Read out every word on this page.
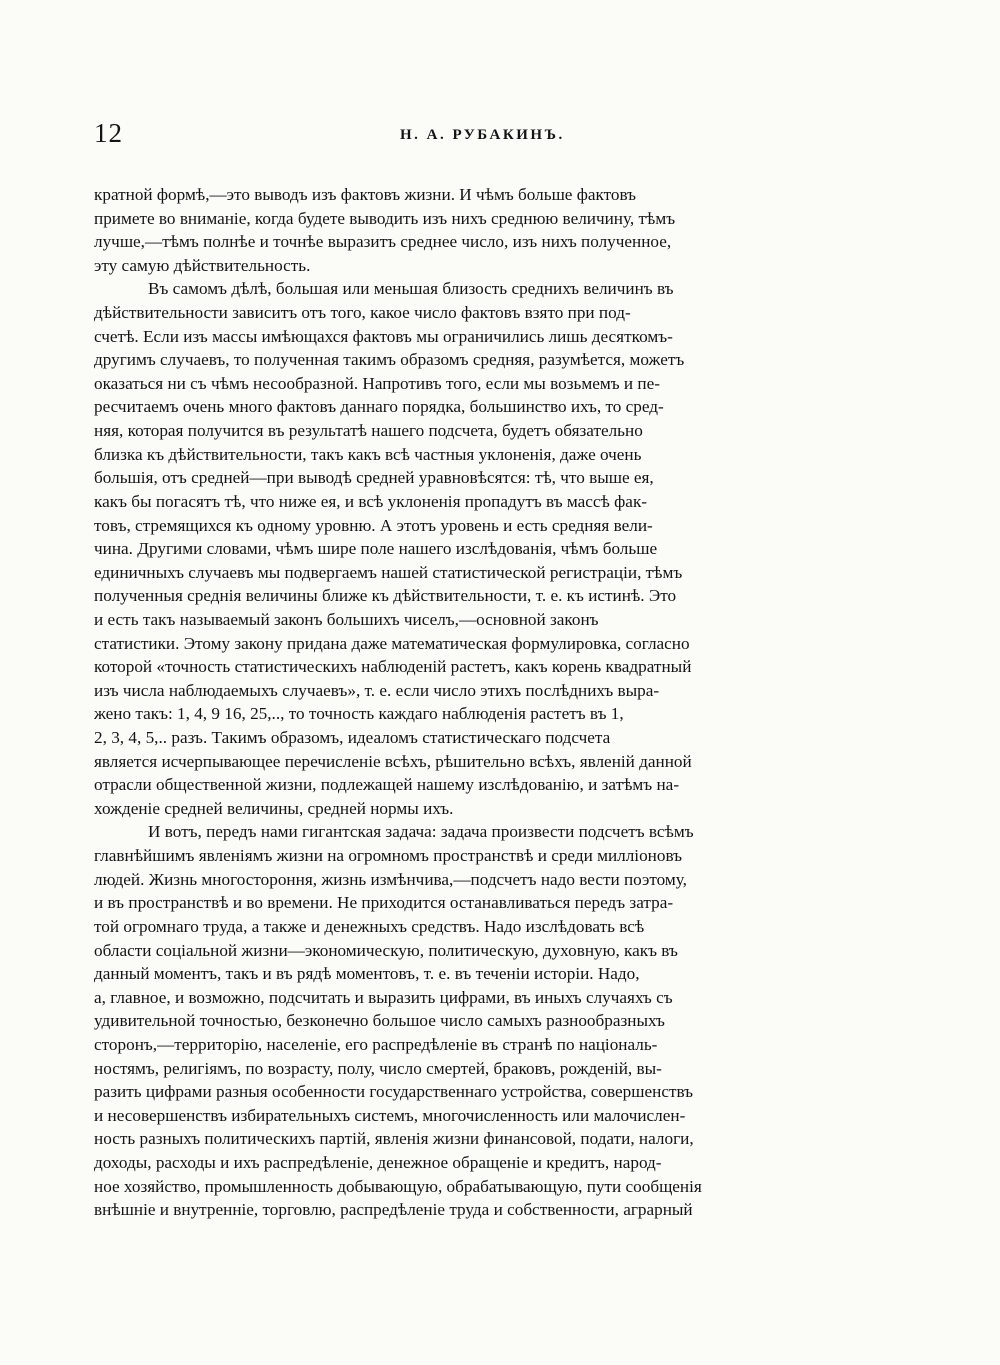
12	Н. А. РУБАКИНЪ.
кратной формѣ,—это выводъ изъ фактовъ жизни. И чѣмъ больше фактовъ
примете во вниманіе, когда будете выводить изъ нихъ среднюю величину, тѣмъ
лучше,—тѣмъ полнѣе и точнѣе выразитъ среднее число, изъ нихъ полученное,
эту самую дѣйствительность.
Въ самомъ дѣлѣ, большая или меньшая близость среднихъ величинъ въ
дѣйствительности зависитъ отъ того, какое число фактовъ взято при под-
счетѣ. Если изъ массы имѣющахся фактовъ мы ограничились лишь десяткомъ-
другимъ случаевъ, то полученная такимъ образомъ средняя, разумѣется, можетъ
оказаться ни съ чѣмъ несообразной. Напротивъ того, если мы возьмемъ и пе-
ресчитаемъ очень много фактовъ даннаго порядка, большинство ихъ, то сред-
няя, которая получится въ результатѣ нашего подсчета, будетъ обязательно
близка къ дѣйствительности, такъ какъ всѣ частныя уклоненія, даже очень
большія, отъ средней—при выводѣ средней уравновѣсятся: тѣ, что выше ея,
какъ бы погасятъ тѣ, что ниже ея, и всѣ уклоненія пропадутъ въ массѣ фак-
товъ, стремящихся къ одному уровню. А этотъ уровень и есть средняя вели-
чина. Другими словами, чѣмъ шире поле нашего изслѣдованія, чѣмъ больше
единичныхъ случаевъ мы подвергаемъ нашей статистической регистраціи, тѣмъ
полученныя среднія величины ближе къ дѣйствительности, т. е. къ истинѣ. Это
и есть такъ называемый законъ большихъ чиселъ,—основной законъ
статистики. Этому закону придана даже математическая формулировка, согласно
которой «точность статистическихъ наблюденій растетъ, какъ корень квадратный
изъ числа наблюдаемыхъ случаевъ», т. е. если число этихъ послѣднихъ выра-
жено такъ: 1, 4, 9 16, 25,.., то точность каждаго наблюденія растетъ въ 1,
2, 3, 4, 5,.. разъ. Такимъ образомъ, идеаломъ статистическаго подсчета
является исчерпывающее перечисленіе всѣхъ, рѣшительно всѣхъ, явленій данной
отрасли общественной жизни, подлежащей нашему изслѣдованію, и затѣмъ на-
хожденіе средней величины, средней нормы ихъ.
И вотъ, передъ нами гигантская задача: задача произвести подсчетъ всѣмъ
главнѣйшимъ явленіямъ жизни на огромномъ пространствѣ и среди милліоновъ
людей. Жизнь многостороння, жизнь измѣнчива,—подсчетъ надо вести поэтому,
и въ пространствѣ и во времени. Не приходится останавливаться передъ затра-
той огромнаго труда, а также и денежныхъ средствъ. Надо изслѣдовать всѣ
области соціальной жизни—экономическую, политическую, духовную, какъ въ
данный моментъ, такъ и въ рядѣ моментовъ, т. е. въ теченіи исторіи. Надо,
а, главное, и возможно, подсчитать и выразить цифрами, въ иныхъ случаяхъ съ
удивительной точностью, безконечно большое число самыхъ разнообразныхъ
сторонъ,—территорію, населеніе, его распредѣленіе въ странѣ по національ-
ностямъ, религіямъ, по возрасту, полу, число смертей, браковъ, рожденій, вы-
разить цифрами разныя особенности государственнаго устройства, совершенствъ
и несовершенствъ избирательныхъ системъ, многочисленность или малочислен-
ность разныхъ политическихъ партій, явленія жизни финансовой, подати, налоги,
доходы, расходы и ихъ распредѣленіе, денежное обращеніе и кредитъ, народ-
ное хозяйство, промышленность добывающую, обрабатывающую, пути сообщенія
внѣшніе и внутренніе, торговлю, распредѣленіе труда и собственности, аграрный
